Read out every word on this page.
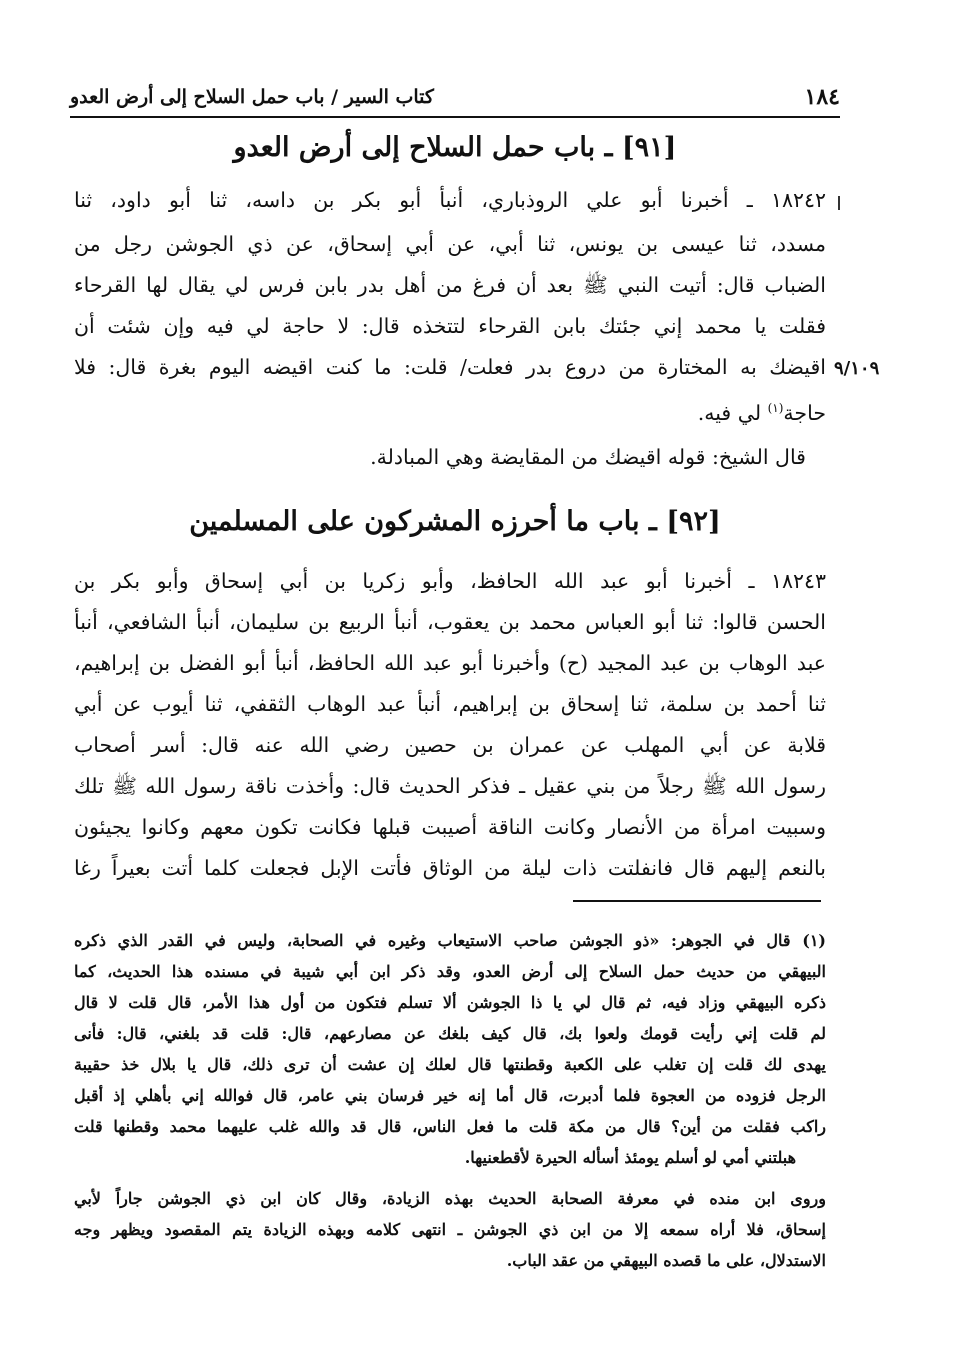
١٨٤
كتاب السير / باب حمل السلاح إلى أرض العدو
[٩١] ـ باب حمل السلاح إلى أرض العدو
١٨٢٤٢ ـ أخبرنا أبو علي الروذباري، أنبأ أبو بكر بن داسه، ثنا أبو داود، ثنا
مسدد، ثنا عيسى بن يونس، ثنا أبي، عن أبي إسحاق، عن ذي الجوشن رجل من
الضباب قال: أتيت النبي ﷺ بعد أن فرغ من أهل بدر بابن فرس لي يقال لها القرحاء
فقلت يا محمد إني جئتك بابن القرحاء لتتخذه قال: لا حاجة لي فيه وإن شئت أن
اقيضك به المختارة من دروع بدر فعلت/ قلت: ما كنت اقيضه اليوم بغرة قال: فلا
حاجة$^{(١)}$ لي فيه.
٩/١٠٩
قال الشيخ: قوله اقيضك من المقايضة وهي المبادلة.
[٩٢] ـ باب ما أحرزه المشركون على المسلمين
١٨٢٤٣ ـ أخبرنا أبو عبد الله الحافظ، وأبو زكريا بن أبي إسحاق وأبو بكر بن
الحسن قالوا: ثنا أبو العباس محمد بن يعقوب، أنبأ الربيع بن سليمان، أنبأ الشافعي، أنبأ
عبد الوهاب بن عبد المجيد (ح) وأخبرنا أبو عبد الله الحافظ، أنبأ أبو الفضل بن إبراهيم،
ثنا أحمد بن سلمة، ثنا إسحاق بن إبراهيم، أنبأ عبد الوهاب الثقفي، ثنا أيوب عن أبي
قلابة عن أبي المهلب عن عمران بن حصين رضي الله عنه قال: أسر أصحاب
رسول الله ﷺ رجلاً من بني عقيل ـ فذكر الحديث قال: وأخذت ناقة رسول الله ﷺ تلك
وسبيت امرأة من الأنصار وكانت الناقة أصيبت قبلها فكانت تكون معهم وكانوا يجيئون
بالنعم إليهم قال فانفلتت ذات ليلة من الوثاق فأتت الإبل فجعلت كلما أتت بعيراً رغا
(١) قال في الجوهر: «ذو الجوشن صاحب الاستيعاب وغيره في الصحابة، وليس في القدر الذي ذكره
البيهقي من حديث حمل السلاح إلى أرض العدو، وقد ذكر ابن أبي شيبة في مسنده هذا الحديث، كما
ذكره البيهقي وزاد فيه، ثم قال لي يا ذا الجوشن ألا تسلم فتكون من أول هذا الأمر، قال قلت لا قال
لم قلت إني رأيت قومك ولعوا بك، قال كيف بلغك عن مصارعهم، قال: قلت قد بلغني، قال: فأنى
يهدى لك قلت إن تغلب على الكعبة وقطنتها قال لعلك إن عشت أن ترى ذلك، قال يا بلال خذ حقيبة
الرجل فزوده من العجوة فلما أدبرت، قال أما إنه خير فرسان بني عامر، قال فوالله إني بأهلي إذ أقبل
راكب فقلت من أين؟ قال من مكة قلت ما فعل الناس، قال قد والله غلب عليهما محمد وقطنها قلت
هبلتني أمي لو أسلم يومئذ أسأله الحيرة لأقطعنيها.
وروى ابن منده في معرفة الصحابة الحديث بهذه الزيادة، وقال كان ابن ذي الجوشن جاراً لأبي
إسحاق، فلا أراه سمعه إلا من ابن ذي الجوشن ـ انتهى كلامه وبهذه الزيادة يتم المقصود ويظهر وجه
الاستدلال، على ما قصده البيهقي من عقد الباب.
